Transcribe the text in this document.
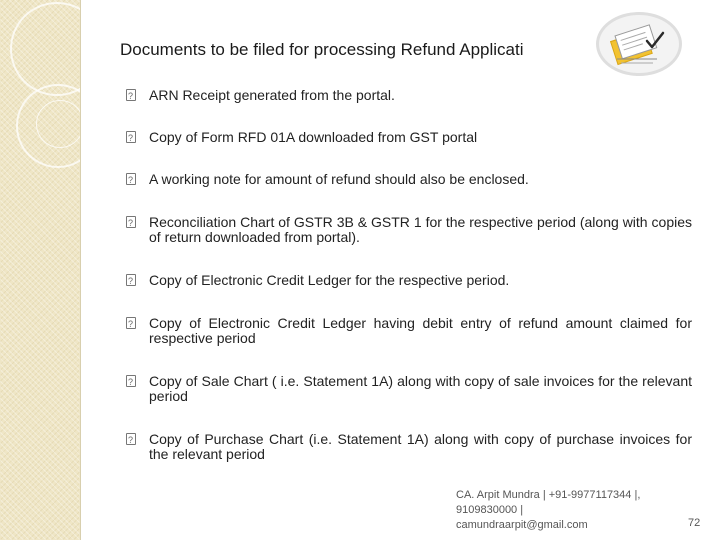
Documents to be filed for processing Refund Applicati
?
ARN Receipt generated from the portal.
?
Copy of Form RFD 01A downloaded from GST portal
?
A working note for amount of refund should also be enclosed.
?
Reconciliation Chart of GSTR 3B & GSTR 1 for the respective period (along with copies of return downloaded from portal).
?
Copy of Electronic Credit Ledger for the respective period.
?
Copy of Electronic Credit Ledger having debit entry of refund amount claimed for respective period
?
Copy of Sale Chart ( i.e. Statement 1A) along with copy of sale invoices for the relevant period
?
Copy of Purchase Chart (i.e. Statement 1A) along with copy of purchase invoices for the relevant period
CA. Arpit Mundra | +91-9977117344 |,
9109830000 |
camundraarpit@gmail.com	72
